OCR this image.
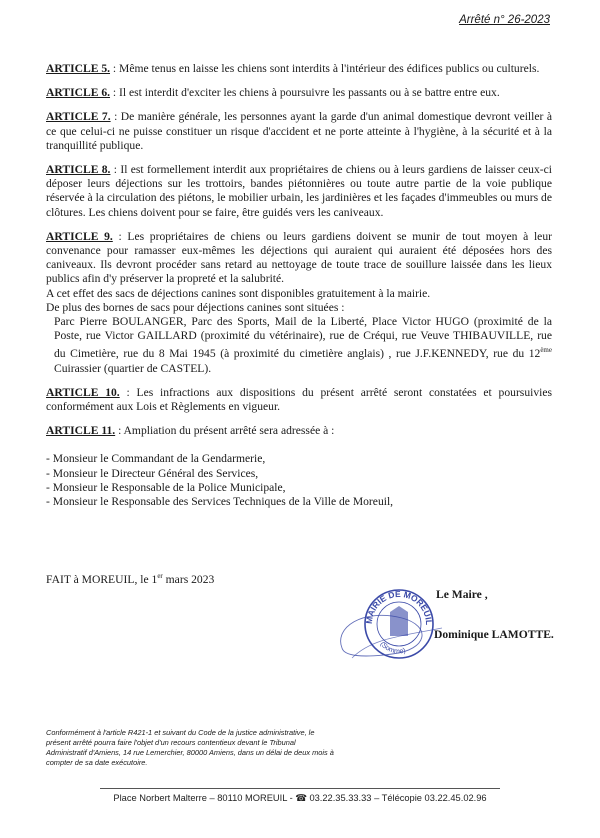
Arrêté n° 26-2023
ARTICLE 5. : Même tenus en laisse les chiens sont interdits à l'intérieur des édifices publics ou culturels.
ARTICLE 6. : Il est interdit d'exciter les chiens à poursuivre les passants ou à se battre entre eux.
ARTICLE 7. : De manière générale, les personnes ayant la garde d'un animal domestique devront veiller à ce que celui-ci ne puisse constituer un risque d'accident et ne porte atteinte à l'hygiène, à la sécurité et à la tranquillité publique.
ARTICLE 8. : Il est formellement interdit aux propriétaires de chiens ou à leurs gardiens de laisser ceux-ci déposer leurs déjections sur les trottoirs, bandes piétonnières ou toute autre partie de la voie publique réservée à la circulation des piétons, le mobilier urbain, les jardinières et les façades d'immeubles ou murs de clôtures. Les chiens doivent pour se faire, être guidés vers les caniveaux.
ARTICLE 9. : Les propriétaires de chiens ou leurs gardiens doivent se munir de tout moyen à leur convenance pour ramasser eux-mêmes les déjections qui auraient qui auraient été déposées hors des caniveaux. Ils devront procéder sans retard au nettoyage de toute trace de souillure laissée dans les lieux publics afin d'y préserver la propreté et la salubrité.
A cet effet des sacs de déjections canines sont disponibles gratuitement à la mairie.
De plus des bornes de sacs pour déjections canines sont situées :
Parc Pierre BOULANGER, Parc des Sports, Mail de la Liberté, Place Victor HUGO (proximité de la Poste, rue Victor GAILLARD (proximité du vétérinaire), rue de Créqui, rue Veuve THIBAUVILLE, rue du Cimetière, rue du 8 Mai 1945 (à proximité du cimetière anglais) , rue J.F.KENNEDY, rue du 12ème Cuirassier (quartier de CASTEL).
ARTICLE 10. : Les infractions aux dispositions du présent arrêté seront constatées et poursuivies conformément aux Lois et Règlements en vigueur.
ARTICLE 11. : Ampliation du présent arrêté sera adressée à :
- Monsieur le Commandant de la Gendarmerie,
- Monsieur le Directeur Général des Services,
- Monsieur le Responsable de la Police Municipale,
- Monsieur le Responsable des Services Techniques de la Ville de Moreuil,
FAIT à MOREUIL, le 1er mars 2023
MAIRIE DE MOREUIL
(Somme)
Le Maire ,
Dominique LAMOTTE.
Conformément à l'article R421-1 et suivant du Code de la justice administrative, le présent arrêté pourra faire l'objet d'un recours contentieux devant le Tribunal Administratif d'Amiens, 14 rue Lemerchier, 80000 Amiens, dans un délai de deux mois à compter de sa date exécutoire.
Place Norbert Malterre – 80110 MOREUIL - ☎ 03.22.35.33.33 – Télécopie 03.22.45.02.96
